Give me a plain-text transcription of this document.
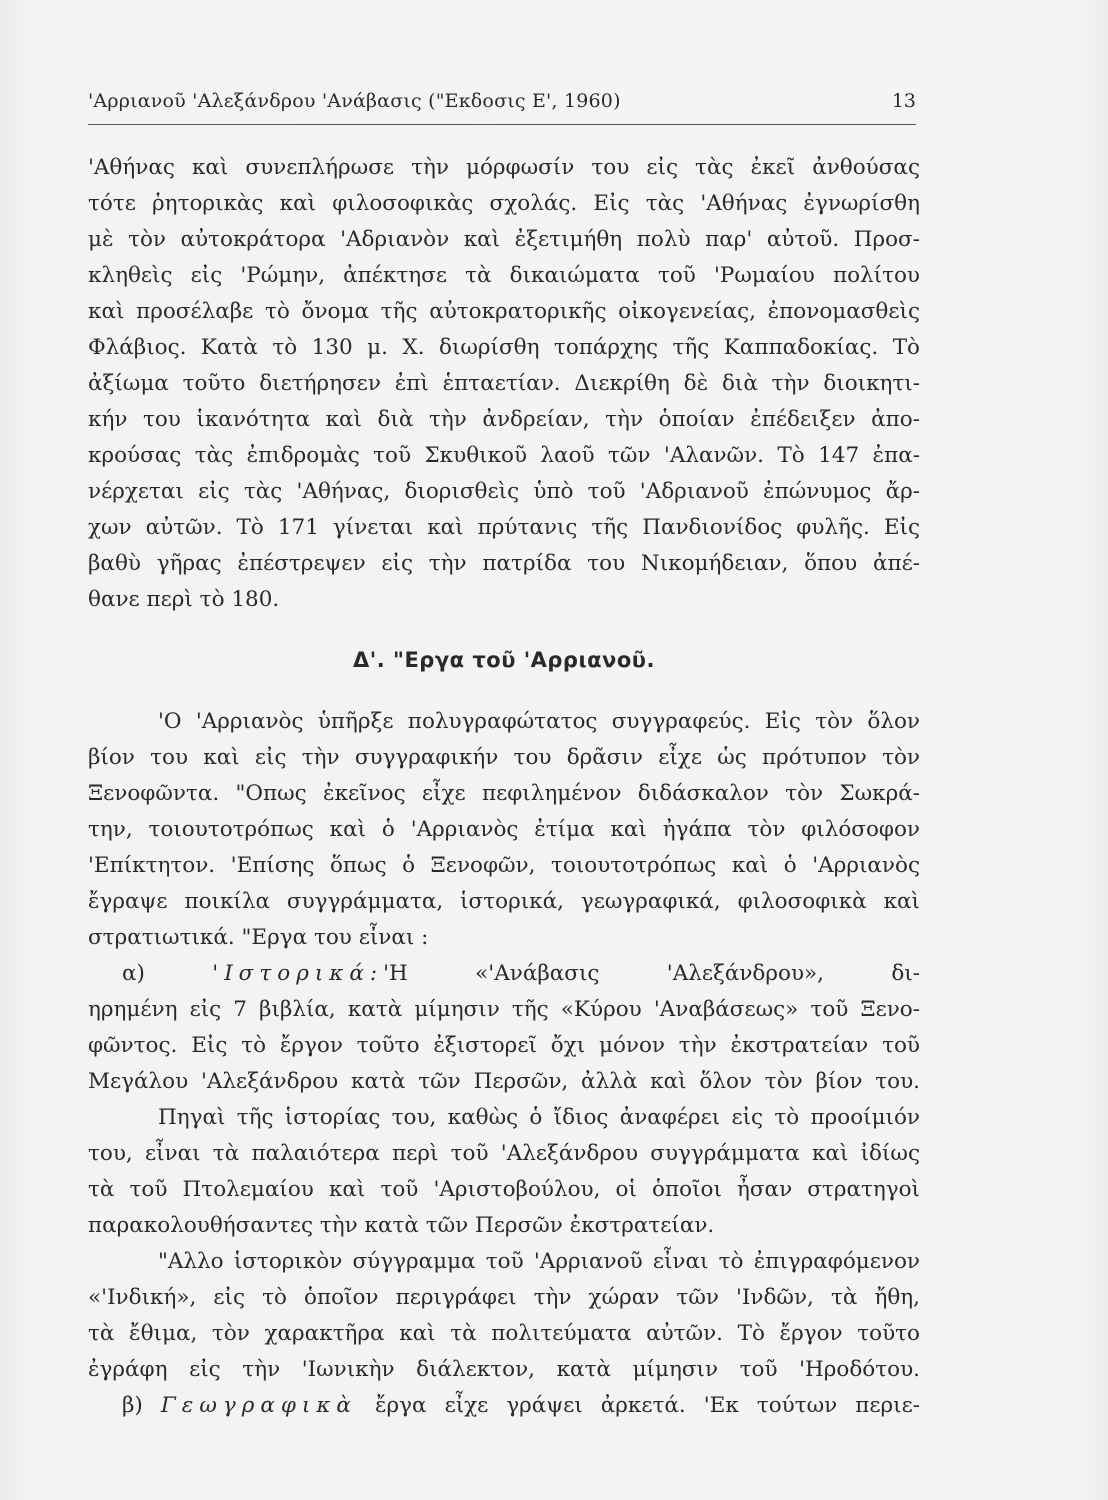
'Αρριανοῦ 'Αλεξάνδρου 'Ανάβασις ("Εκδοσις Ε', 1960)	13
'Αθήνας καὶ συνεπλήρωσε τὴν μόρφωσίν του εἰς τὰς ἐκεῖ ἀνθούσας
τότε ῥητορικὰς καὶ φιλοσοφικὰς σχολάς. Εἰς τὰς 'Αθήνας ἐγνωρίσθη
μὲ τὸν αὐτοκράτορα 'Αδριανὸν καὶ ἐξετιμήθη πολὺ παρ' αὐτοῦ. Προσ-
κληθεὶς εἰς 'Ρώμην, ἀπέκτησε τὰ δικαιώματα τοῦ 'Ρωμαίου πολίτου
καὶ προσέλαβε τὸ ὄνομα τῆς αὐτοκρατορικῆς οἰκογενείας, ἐπονομασθεὶς
Φλάβιος. Κατὰ τὸ 130 μ. Χ. διωρίσθη τοπάρχης τῆς Καππαδοκίας. Τὸ
ἀξίωμα τοῦτο διετήρησεν ἐπὶ ἑπταετίαν. Διεκρίθη δὲ διὰ τὴν διοικητι-
κήν του ἱκανότητα καὶ διὰ τὴν ἀνδρείαν, τὴν ὁποίαν ἐπέδειξεν ἀπο-
κρούσας τὰς ἐπιδρομὰς τοῦ Σκυθικοῦ λαοῦ τῶν 'Αλανῶν. Τὸ 147 ἐπα-
νέρχεται εἰς τὰς 'Αθήνας, διορισθεὶς ὑπὸ τοῦ 'Αδριανοῦ ἐπώνυμος ἄρ-
χων αὐτῶν. Τὸ 171 γίνεται καὶ πρύτανις τῆς Πανδιονίδος φυλῆς. Εἰς
βαθὺ γῆρας ἐπέστρεψεν εἰς τὴν πατρίδα του Νικομήδειαν, ὅπου ἀπέ-
θανε περὶ τὸ 180.
Δ'. "Εργα τοῦ 'Αρριανοῦ.
'Ο 'Αρριανὸς ὑπῆρξε πολυγραφώτατος συγγραφεύς. Εἰς τὸν ὅλον
βίον του καὶ εἰς τὴν συγγραφικήν του δρᾶσιν εἶχε ὡς πρότυπον τὸν
Ξενοφῶντα. "Οπως ἐκεῖνος εἶχε πεφιλημένον διδάσκαλον τὸν Σωκρά-
την, τοιουτοτρόπως καὶ ὁ 'Αρριανὸς ἐτίμα καὶ ἠγάπα τὸν φιλόσοφον
'Επίκτητον. 'Επίσης ὅπως ὁ Ξενοφῶν, τοιουτοτρόπως καὶ ὁ 'Αρριανὸς
ἔγραψε ποικίλα συγγράμματα, ἱστορικά, γεωγραφικά, φιλοσοφικὰ καὶ
στρατιωτικά. "Εργα του εἶναι :
α)	'Ιστορικά:'Η «'Ανάβασις 'Αλεξάνδρου», δι-
ηρημένη εἰς 7 βιβλία, κατὰ μίμησιν τῆς «Κύρου 'Αναβάσεως» τοῦ Ξενο-
φῶντος. Εἰς τὸ ἔργον τοῦτο ἐξιστορεῖ ὄχι μόνον τὴν ἐκστρατείαν τοῦ
Μεγάλου 'Αλεξάνδρου κατὰ τῶν Περσῶν, ἀλλὰ καὶ ὅλον τὸν βίον του.
Πηγαὶ τῆς ἱστορίας του, καθὼς ὁ ἴδιος ἀναφέρει εἰς τὸ προοίμιόν
του, εἶναι τὰ παλαιότερα περὶ τοῦ 'Αλεξάνδρου συγγράμματα καὶ ἰδίως
τὰ τοῦ Πτολεμαίου καὶ τοῦ 'Αριστοβούλου, οἱ ὁποῖοι ἦσαν στρατηγοὶ
παρακολουθήσαντες τὴν κατὰ τῶν Περσῶν ἐκστρατείαν.
"Αλλο ἱστορικὸν σύγγραμμα τοῦ 'Αρριανοῦ εἶναι τὸ ἐπιγραφόμενον
«'Ινδική», εἰς τὸ ὁποῖον περιγράφει τὴν χώραν τῶν 'Ινδῶν, τὰ ἤθη,
τὰ ἔθιμα, τὸν χαρακτῆρα καὶ τὰ πολιτεύματα αὐτῶν. Τὸ ἔργον τοῦτο
ἐγράφη εἰς τὴν 'Ιωνικὴν διάλεκτον, κατὰ μίμησιν τοῦ 'Ηροδότου.
β) Γεωγραφικὰ ἔργα εἶχε γράψει ἀρκετά. 'Εκ τούτων περιε-
